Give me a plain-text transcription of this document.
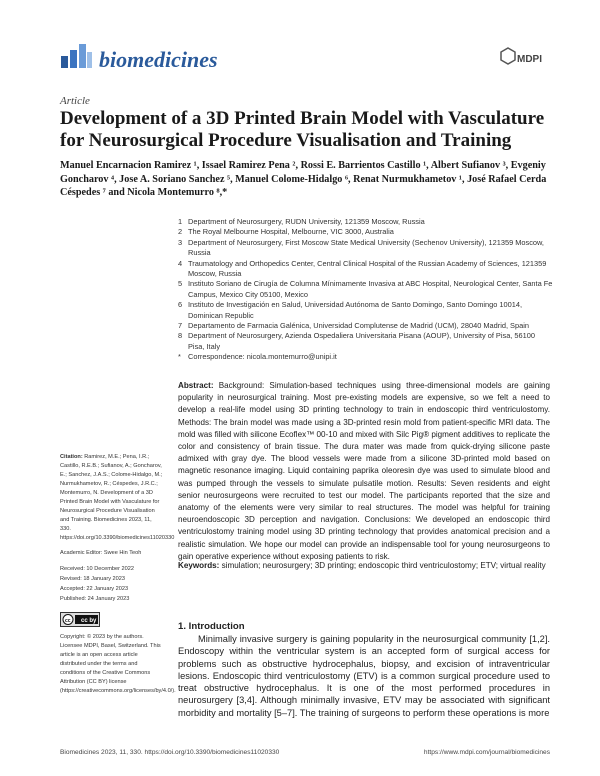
biomedicines	MDPI
Article
Development of a 3D Printed Brain Model with Vasculature for Neurosurgical Procedure Visualisation and Training
Manuel Encarnacion Ramirez ¹, Issael Ramirez Pena ², Rossi E. Barrientos Castillo ¹, Albert Sufianov ³, Evgeniy Goncharov ⁴, Jose A. Soriano Sanchez ⁵, Manuel Colome-Hidalgo ⁶, Renat Nurmukhametov ¹, José Rafael Cerda Céspedes ⁷ and Nicola Montemurro ⁸,*
1 Department of Neurosurgery, RUDN University, 121359 Moscow, Russia
2 The Royal Melbourne Hospital, Melbourne, VIC 3000, Australia
3 Department of Neurosurgery, First Moscow State Medical University (Sechenov University), 121359 Moscow, Russia
4 Traumatology and Orthopedics Center, Central Clinical Hospital of the Russian Academy of Sciences, 121359 Moscow, Russia
5 Instituto Soriano de Cirugía de Columna Mínimamente Invasiva at ABC Hospital, Neurological Center, Santa Fe Campus, Mexico City 05100, Mexico
6 Instituto de Investigación en Salud, Universidad Autónoma de Santo Domingo, Santo Domingo 10014, Dominican Republic
7 Departamento de Farmacia Galénica, Universidad Complutense de Madrid (UCM), 28040 Madrid, Spain
8 Department of Neurosurgery, Azienda Ospedaliera Universitaria Pisana (AOUP), University of Pisa, 56100 Pisa, Italy
* Correspondence: nicola.montemurro@unipi.it
Abstract: Background: Simulation-based techniques using three-dimensional models are gaining popularity in neurosurgical training. Most pre-existing models are expensive, so we felt a need to develop a real-life model using 3D printing technology to train in endoscopic third ventriculostomy. Methods: The brain model was made using a 3D-printed resin mold from patient-specific MRI data. The mold was filled with silicone Ecoflex™ 00-10 and mixed with Silc Pig® pigment additives to replicate the color and consistency of brain tissue. The dura mater was made from quick-drying silicone paste admixed with gray dye. The blood vessels were made from a silicone 3D-printed mold based on magnetic resonance imaging. Liquid containing paprika oleoresin dye was used to simulate blood and was pumped through the vessels to simulate pulsatile motion. Results: Seven residents and eight senior neurosurgeons were recruited to test our model. The participants reported that the size and anatomy of the elements were very similar to real structures. The model was helpful for training neuroendoscopic 3D perception and navigation. Conclusions: We developed an endoscopic third ventriculostomy training model using 3D printing technology that provides anatomical precision and a realistic simulation. We hope our model can provide an indispensable tool for young neurosurgeons to gain operative experience without exposing patients to risk.
Keywords: simulation; neurosurgery; 3D printing; endoscopic third ventriculostomy; ETV; virtual reality
Citation: Ramirez, M.E.; Pena, I.R.; Castillo, R.E.B.; Sufianov, A.; Goncharov, E.; Sanchez, J.A.S.; Colome-Hidalgo, M.; Nurmukhametov, R.; Céspedes, J.R.C.; Montemurro, N. Development of a 3D Printed Brain Model with Vasculature for Neurosurgical Procedure Visualisation and Training. Biomedicines 2023, 11, 330. https://doi.org/10.3390/biomedicines11020330
Academic Editor: Swee Hin Teoh
Received: 10 December 2022
Revised: 18 January 2023
Accepted: 22 January 2023
Published: 24 January 2023
cc cc by
Copyright: © 2023 by the authors. Licensee MDPI, Basel, Switzerland. This article is an open access article distributed under the terms and conditions of the Creative Commons Attribution (CC BY) license (https://creativecommons.org/licenses/by/4.0/).
1. Introduction
Minimally invasive surgery is gaining popularity in the neurosurgical community [1,2]. Endoscopy within the ventricular system is an accepted form of surgical access for problems such as obstructive hydrocephalus, biopsy, and excision of intraventricular lesions. Endoscopic third ventriculostomy (ETV) is a common surgical procedure used to treat obstructive hydrocephalus. It is one of the most performed procedures in neurosurgery [3,4]. Although minimally invasive, ETV may be associated with significant morbidity and mortality [5–7]. The training of surgeons to perform these operations is more
Biomedicines 2023, 11, 330. https://doi.org/10.3390/biomedicines11020330	https://www.mdpi.com/journal/biomedicines
